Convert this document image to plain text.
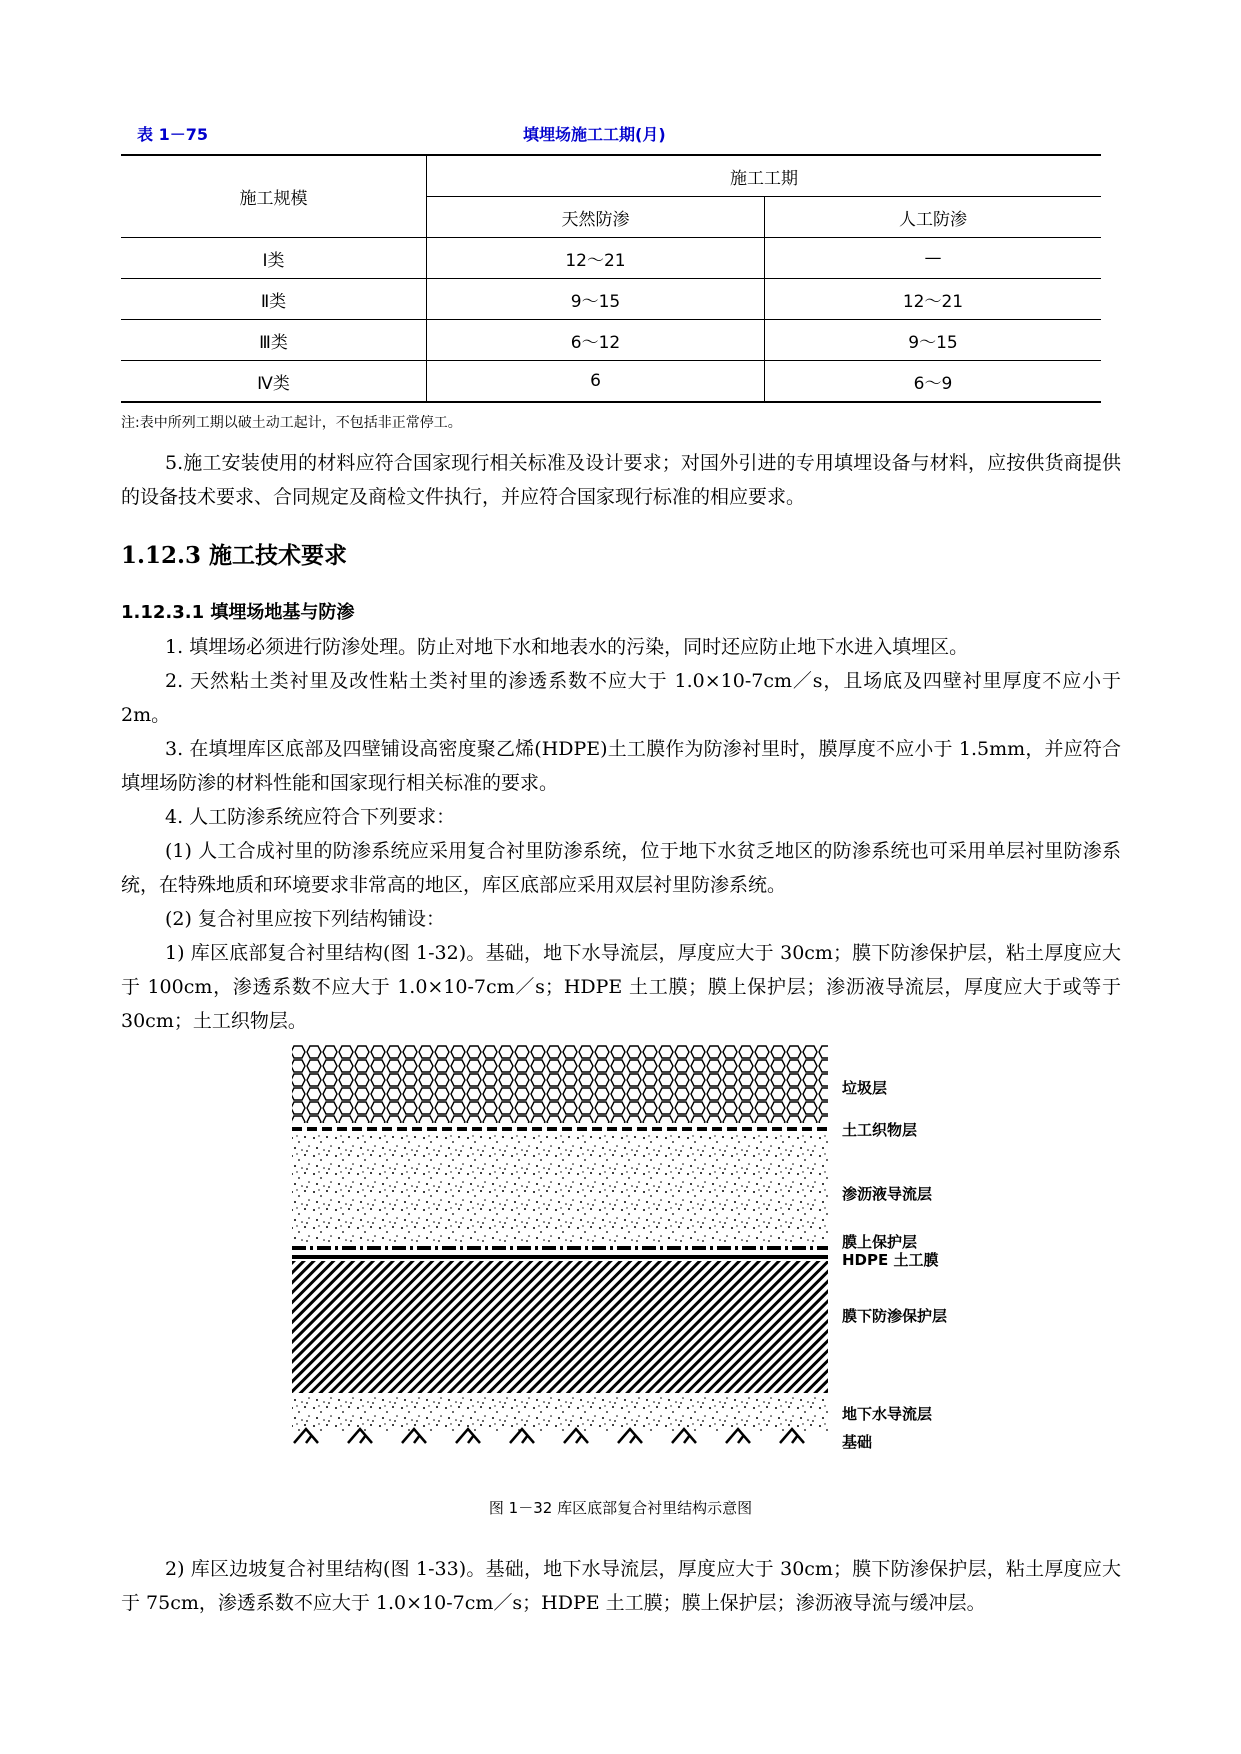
表 1－75	填埋场施工工期(月)
施工规模	施工工期	
	天然防渗	人工防渗
Ⅰ类	12～21	—
Ⅱ类	9～15	12～21
Ⅲ类	6～12	9～15
Ⅳ类	6	6～9
注:表中所列工期以破土动工起计，不包括非正常停工。
5.施工安装使用的材料应符合国家现行相关标准及设计要求；对国外引进的专用填埋设备与材料，应按供货商提供的设备技术要求、合同规定及商检文件执行，并应符合国家现行标准的相应要求。
1.12.3 施工技术要求
1.12.3.1 填埋场地基与防渗
1. 填埋场必须进行防渗处理。防止对地下水和地表水的污染，同时还应防止地下水进入填埋区。
2. 天然粘土类衬里及改性粘土类衬里的渗透系数不应大于 1.0×10-7cm／s，且场底及四壁衬里厚度不应小于 2m。
3. 在填埋库区底部及四壁铺设高密度聚乙烯(HDPE)土工膜作为防渗衬里时，膜厚度不应小于 1.5mm，并应符合填埋场防渗的材料性能和国家现行相关标准的要求。
4. 人工防渗系统应符合下列要求：
(1) 人工合成衬里的防渗系统应采用复合衬里防渗系统，位于地下水贫乏地区的防渗系统也可采用单层衬里防渗系统，在特殊地质和环境要求非常高的地区，库区底部应采用双层衬里防渗系统。
(2) 复合衬里应按下列结构铺设：
1) 库区底部复合衬里结构(图 1-32)。基础，地下水导流层，厚度应大于 30cm；膜下防渗保护层，粘土厚度应大于 100cm，渗透系数不应大于 1.0×10-7cm／s；HDPE 土工膜；膜上保护层；渗沥液导流层，厚度应大于或等于 30cm；土工织物层。
垃圾层
土工织物层
渗沥液导流层
膜上保护层
HDPE 土工膜
膜下防渗保护层
地下水导流层
基础
图 1－32 库区底部复合衬里结构示意图
2) 库区边坡复合衬里结构(图 1-33)。基础，地下水导流层，厚度应大于 30cm；膜下防渗保护层，粘土厚度应大于 75cm，渗透系数不应大于 1.0×10-7cm／s；HDPE 土工膜；膜上保护层；渗沥液导流与缓冲层。
